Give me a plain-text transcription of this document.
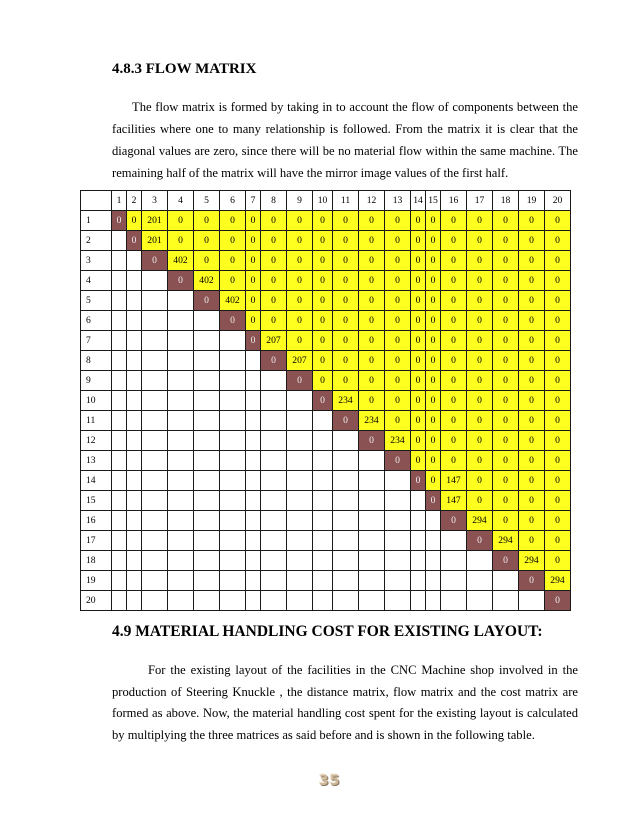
4.8.3 FLOW MATRIX

The flow matrix is formed by taking in to account the flow of components between the facilities where one to many relationship is followed. From the matrix it is clear that the diagonal values are zero, since there will be no material flow within the same machine. The remaining half of the matrix will have the mirror image values of the first half.

	1	2	3	4	5	6	7	8	9	10	11	12	13	14	15	16	17	18	19	20
1	0	0	201	0	0	0	0	0	0	0	0	0	0	0	0	0	0	0	0	0
2		0	201	0	0	0	0	0	0	0	0	0	0	0	0	0	0	0	0	0
3			0	402	0	0	0	0	0	0	0	0	0	0	0	0	0	0	0	0
4				0	402	0	0	0	0	0	0	0	0	0	0	0	0	0	0	0
5					0	402	0	0	0	0	0	0	0	0	0	0	0	0	0	0
6						0	0	0	0	0	0	0	0	0	0	0	0	0	0	0
7							0	207	0	0	0	0	0	0	0	0	0	0	0	0
8								0	207	0	0	0	0	0	0	0	0	0	0	0
9									0	0	0	0	0	0	0	0	0	0	0	0
10										0	234	0	0	0	0	0	0	0	0	0
11											0	234	0	0	0	0	0	0	0	0
12												0	234	0	0	0	0	0	0	0
13													0	0	0	0	0	0	0	0
14														0	0	147	0	0	0	0
15															0	147	0	0	0	0
16																0	294	0	0	0
17																	0	294	0	0
18																		0	294	0
19																			0	294
20																				0
4.9 MATERIAL HANDLING COST FOR EXISTING LAYOUT:

For the existing layout of the facilities in the CNC Machine shop involved in the production of Steering Knuckle , the distance matrix, flow matrix and the cost matrix are formed as above. Now, the material handling cost spent for the existing layout is calculated by multiplying the three matrices as said before and is shown in the following table.

35
